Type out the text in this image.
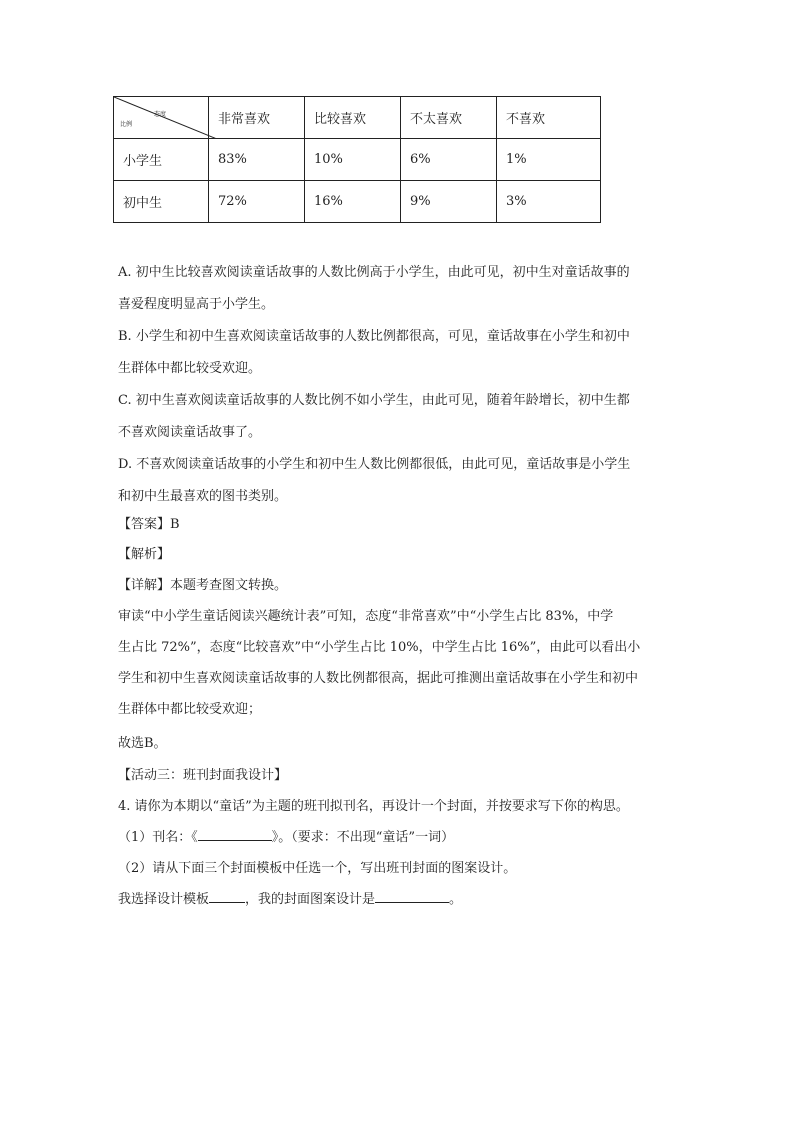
态度
比例	非常喜欢	比较喜欢	不太喜欢	不喜欢
小学生	83%	10%	6%	1%
初中生	72%	16%	9%	3%
A. 初中生比较喜欢阅读童话故事的人数比例高于小学生，由此可见，初中生对童话故事的
喜爱程度明显高于小学生。
B. 小学生和初中生喜欢阅读童话故事的人数比例都很高，可见，童话故事在小学生和初中
生群体中都比较受欢迎。
C. 初中生喜欢阅读童话故事的人数比例不如小学生，由此可见，随着年龄增长，初中生都
不喜欢阅读童话故事了。
D. 不喜欢阅读童话故事的小学生和初中生人数比例都很低，由此可见，童话故事是小学生
和初中生最喜欢的图书类别。
【答案】B
【解析】
【详解】本题考查图文转换。
审读“中小学生童话阅读兴趣统计表”可知，态度“非常喜欢”中“小学生占比 83%，中学
生占比 72%”，态度“比较喜欢”中“小学生占比 10%，中学生占比 16%”，由此可以看出小
学生和初中生喜欢阅读童话故事的人数比例都很高，据此可推测出童话故事在小学生和初中
生群体中都比较受欢迎；
故选B。
【活动三：班刊封面我设计】
4. 请你为本期以“童话”为主题的班刊拟刊名，再设计一个封面，并按要求写下你的构思。
（1）刊名：《	》。（要求：不出现“童话”一词）
（2）请从下面三个封面模板中任选一个，写出班刊封面的图案设计。
我选择设计模板	，我的封面图案设计是	。
